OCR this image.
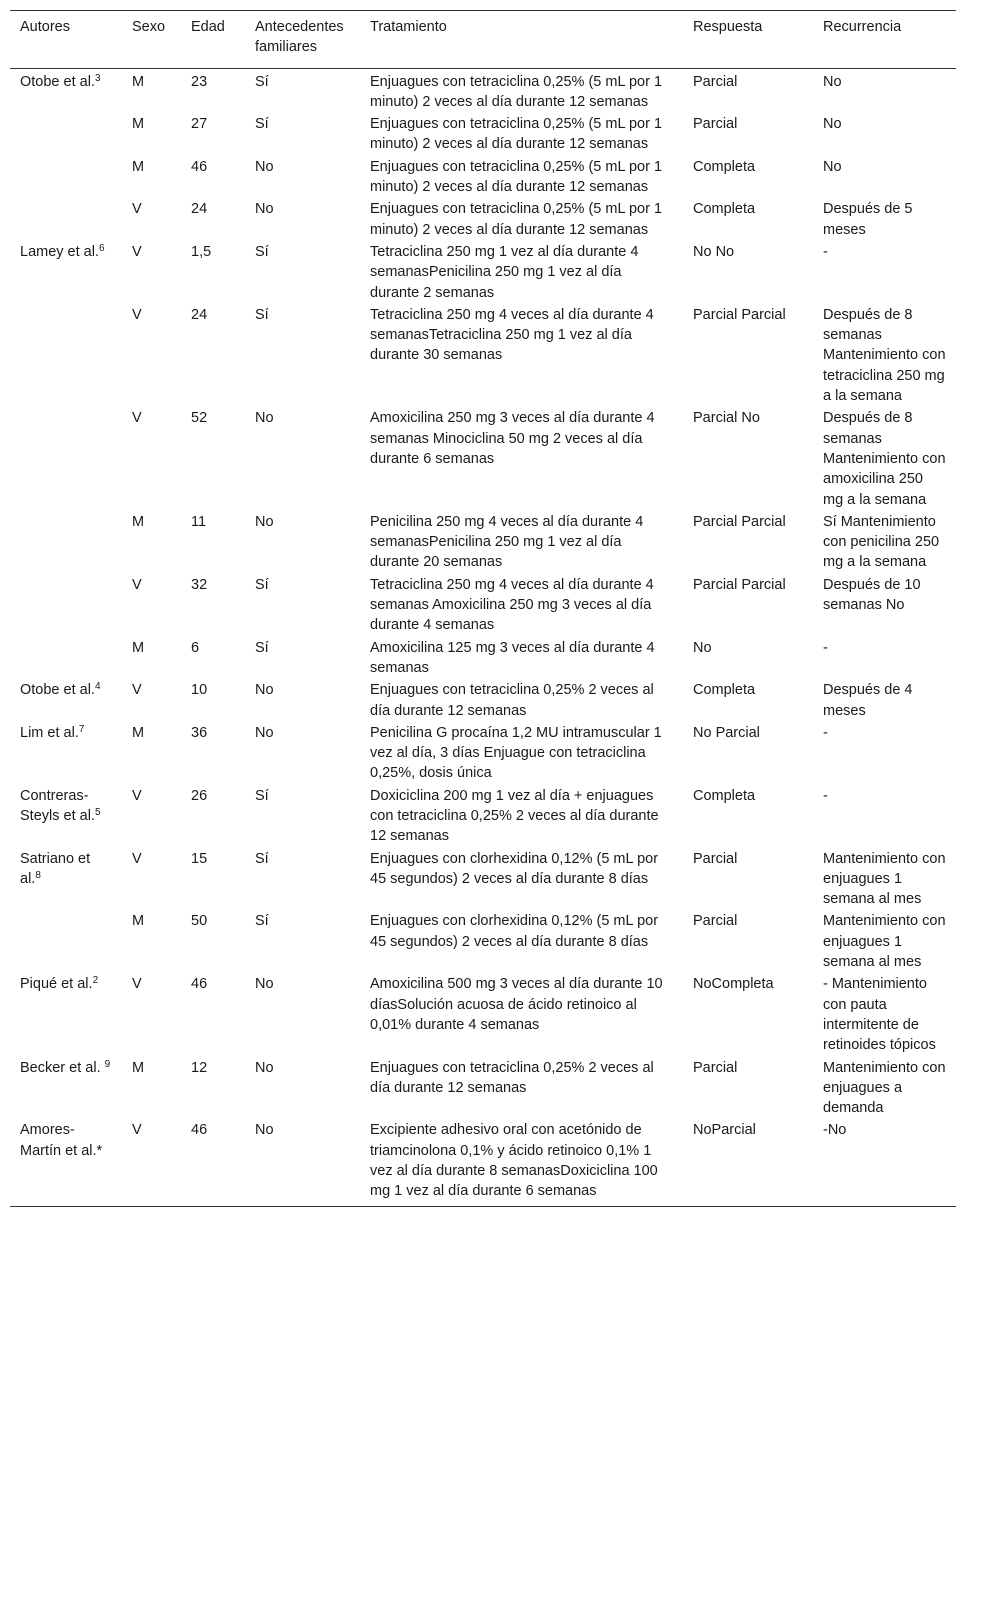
Autores	Sexo	Edad	Antecedentes familiares	Tratamiento	Respuesta	Recurrencia
Otobe et al.$^3$	M	23	Sí	Enjuagues con tetraciclina 0,25% (5 mL por 1 minuto) 2 veces al día durante 12 semanas	Parcial	No
	M	27	Sí	Enjuagues con tetraciclina 0,25% (5 mL por 1 minuto) 2 veces al día durante 12 semanas	Parcial	No
	M	46	No	Enjuagues con tetraciclina 0,25% (5 mL por 1 minuto) 2 veces al día durante 12 semanas	Completa	No
	V	24	No	Enjuagues con tetraciclina 0,25% (5 mL por 1 minuto) 2 veces al día durante 12 semanas	Completa	Después de 5 meses
Lamey et al.$^6$	V	1,5	Sí	Tetraciclina 250 mg 1 vez al día durante 4 semanasPenicilina 250 mg 1 vez al día durante 2 semanas	No No	-
	V	24	Sí	Tetraciclina 250 mg 4 veces al día durante 4 semanasTetraciclina 250 mg 1 vez al día durante 30 semanas	Parcial Parcial	Después de 8 semanas Mantenimiento con tetraciclina 250 mg a la semana
	V	52	No	Amoxicilina 250 mg 3 veces al día durante 4 semanas Minociclina 50 mg 2 veces al día durante 6 semanas	Parcial No	Después de 8 semanas Mantenimiento con amoxicilina 250 mg a la semana
	M	11	No	Penicilina 250 mg 4 veces al día durante 4 semanasPenicilina 250 mg 1 vez al día durante 20 semanas	Parcial Parcial	Sí Mantenimiento con penicilina 250 mg a la semana
	V	32	Sí	Tetraciclina 250 mg 4 veces al día durante 4 semanas Amoxicilina 250 mg 3 veces al día durante 4 semanas	Parcial Parcial	Después de 10 semanas No
	M	6	Sí	Amoxicilina 125 mg 3 veces al día durante 4 semanas	No	-
Otobe et al.$^4$	V	10	No	Enjuagues con tetraciclina 0,25% 2 veces al día durante 12 semanas	Completa	Después de 4 meses
Lim et al.$^7$	M	36	No	Penicilina G procaína 1,2 MU intramuscular 1 vez al día, 3 días Enjuague con tetraciclina 0,25%, dosis única	No Parcial	-
Contreras-Steyls et al.$^5$	V	26	Sí	Doxiciclina 200 mg 1 vez al día + enjuagues con tetraciclina 0,25% 2 veces al día durante 12 semanas	Completa	-
Satriano et al.$^8$	V	15	Sí	Enjuagues con clorhexidina 0,12% (5 mL por 45 segundos) 2 veces al día durante 8 días	Parcial	Mantenimiento con enjuagues 1 semana al mes
	M	50	Sí	Enjuagues con clorhexidina 0,12% (5 mL por 45 segundos) 2 veces al día durante 8 días	Parcial	Mantenimiento con enjuagues 1 semana al mes
Piqué et al.$^2$	V	46	No	Amoxicilina 500 mg 3 veces al día durante 10 díasSolución acuosa de ácido retinoico al 0,01% durante 4 semanas	NoCompleta	- Mantenimiento con pauta intermitente de retinoides tópicos
Becker et al. $^9$	M	12	No	Enjuagues con tetraciclina 0,25% 2 veces al día durante 12 semanas	Parcial	Mantenimiento con enjuagues a demanda
Amores-Martín et al.*	V	46	No	Excipiente adhesivo oral con acetónido de triamcinolona 0,1% y ácido retinoico 0,1% 1 vez al día durante 8 semanasDoxiciclina 100 mg 1 vez al día durante 6 semanas	NoParcial	-No
